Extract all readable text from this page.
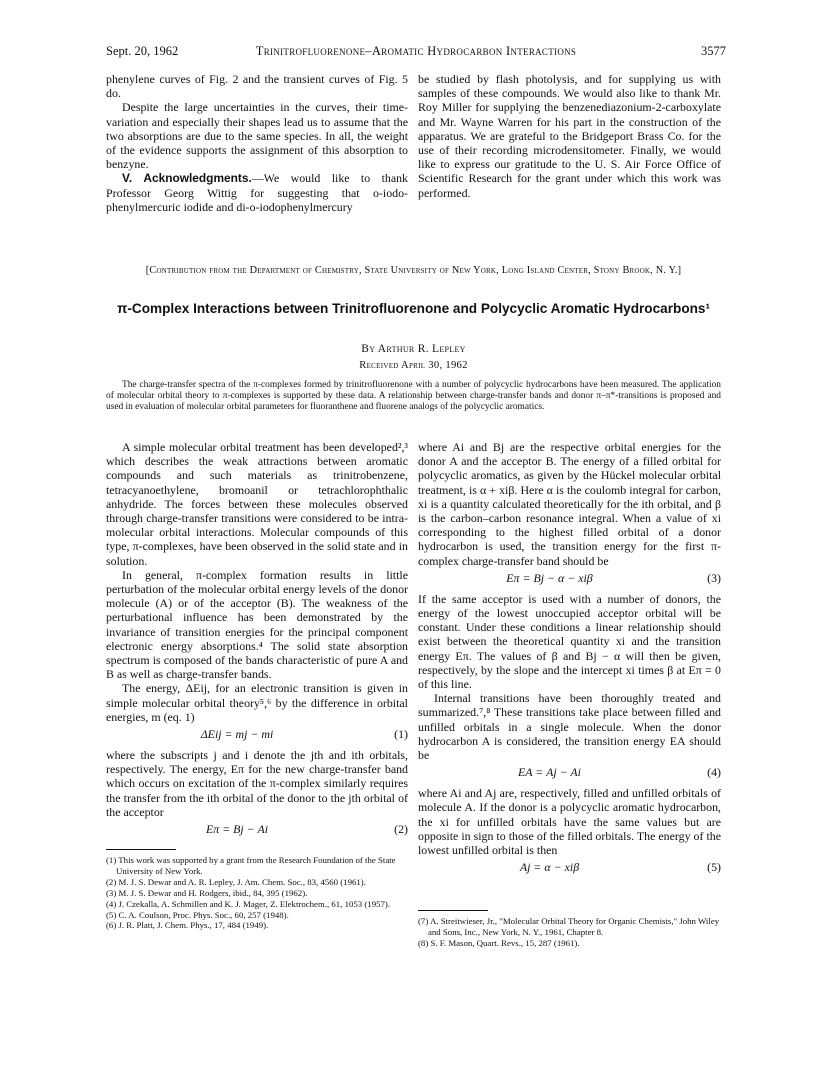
Sept. 20, 1962	Trinitrofluorenone–Aromatic Hydrocarbon Interactions	3577

phenylene curves of Fig. 2 and the transient curves of Fig. 5 do.

Despite the large uncertainties in the curves, their time-variation and especially their shapes lead us to assume that the two absorptions are due to the same species. In all, the weight of the evidence supports the assignment of this absorption to benzyne.

V. Acknowledgments.—We would like to thank Professor Georg Wittig for suggesting that o-iodo-phenylmercuric iodide and di-o-iodophenylmercury

be studied by flash photolysis, and for supplying us with samples of these compounds. We would also like to thank Mr. Roy Miller for supplying the benzenediazonium-2-carboxylate and Mr. Wayne Warren for his part in the construction of the apparatus. We are grateful to the Bridgeport Brass Co. for the use of their recording microdensitometer. Finally, we would like to express our gratitude to the U. S. Air Force Office of Scientific Research for the grant under which this work was performed.

[Contribution from the Department of Chemistry, State University of New York, Long Island Center, Stony Brook, N. Y.]
π-Complex Interactions between Trinitrofluorenone and Polycyclic Aromatic Hydrocarbons¹
By Arthur R. Lepley
Received April 30, 1962
The charge-transfer spectra of the π-complexes formed by trinitrofluorenone with a number of polycyclic hydrocarbons have been measured. The application of molecular orbital theory to π-complexes is supported by these data. A relationship between charge-transfer bands and donor π–π*-transitions is proposed and used in evaluation of molecular orbital parameters for fluoranthene and fluorene analogs of the polycyclic aromatics.

A simple molecular orbital treatment has been developed²,³ which describes the weak attractions between aromatic compounds and such materials as trinitrobenzene, tetracyanoethylene, bromoanil or tetrachlorophthalic anhydride. The forces between these molecules observed through charge-transfer transitions were considered to be intra-molecular orbital interactions. Molecular compounds of this type, π-complexes, have been observed in the solid state and in solution.

In general, π-complex formation results in little perturbation of the molecular orbital energy levels of the donor molecule (A) or of the acceptor (B). The weakness of the perturbational influence has been demonstrated by the invariance of transition energies for the principal component electronic energy absorptions.⁴ The solid state absorption spectrum is composed of the bands characteristic of pure A and B as well as charge-transfer bands.

The energy, ΔEij, for an electronic transition is given in simple molecular orbital theory⁵,⁶ by the difference in orbital energies, m (eq. 1)

ΔEij = mj − mi	(1)

where the subscripts j and i denote the jth and ith orbitals, respectively. The energy, Eπ for the new charge-transfer band which occurs on excitation of the π-complex similarly requires the transfer from the ith orbital of the donor to the jth orbital of the acceptor

Eπ = Bj − Ai	(2)

where Ai and Bj are the respective orbital energies for the donor A and the acceptor B. The energy of a filled orbital for polycyclic aromatics, as given by the Hückel molecular orbital treatment, is α + xiβ. Here α is the coulomb integral for carbon, xi is a quantity calculated theoretically for the ith orbital, and β is the carbon–carbon resonance integral. When a value of xi corresponding to the highest filled orbital of a donor hydrocarbon is used, the transition energy for the first π-complex charge-transfer band should be

Eπ = Bj − α − xiβ	(3)

If the same acceptor is used with a number of donors, the energy of the lowest unoccupied acceptor orbital will be constant. Under these conditions a linear relationship should exist between the theoretical quantity xi and the transition energy Eπ. The values of β and Bj − α will then be given, respectively, by the slope and the intercept xi times β at Eπ = 0 of this line.

Internal transitions have been thoroughly treated and summarized.⁷,⁸ These transitions take place between filled and unfilled orbitals in a single molecule. When the donor hydrocarbon A is considered, the transition energy EA should be

EA = Aj − Ai	(4)

where Ai and Aj are, respectively, filled and unfilled orbitals of molecule A. If the donor is a polycyclic aromatic hydrocarbon, the xi for unfilled orbitals have the same values but are opposite in sign to those of the filled orbitals. The energy of the lowest unfilled orbital is then

Aj = α − xiβ	(5)

(1) This work was supported by a grant from the Research Foundation of the State University of New York.

(2) M. J. S. Dewar and A. R. Lepley, J. Am. Chem. Soc., 83, 4560 (1961).

(3) M. J. S. Dewar and H. Rodgers, ibid., 84, 395 (1962).

(4) J. Czekalla, A. Schmillen and K. J. Mager, Z. Elektrochem., 61, 1053 (1957).

(5) C. A. Coulson, Proc. Phys. Soc., 60, 257 (1948).

(6) J. R. Platt, J. Chem. Phys., 17, 484 (1949).	(7) A. Streitwieser, Jr., "Molecular Orbital Theory for Organic Chemists," John Wiley and Sons, Inc., New York, N. Y., 1961, Chapter 8.

(8) S. F. Mason, Quart. Revs., 15, 287 (1961).
